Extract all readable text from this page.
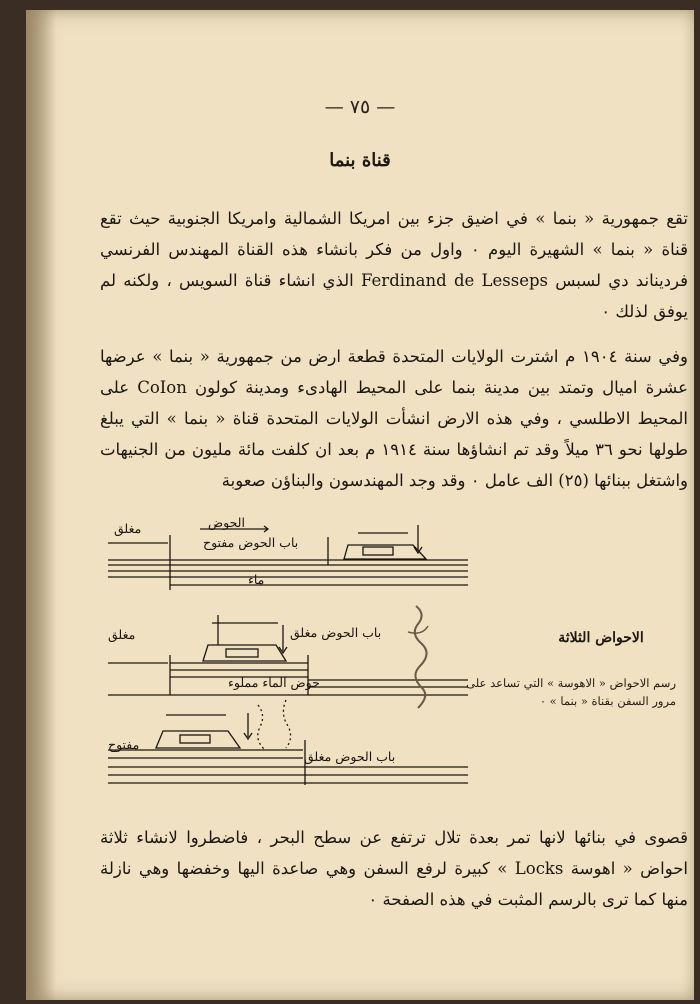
— ٧٥ —
قناة بنما
تقع جمهورية « بنما » في اضيق جزء بين امريكا الشمالية وامريكا الجنوبية حيث تقع قناة « بنما » الشهيرة اليوم ٠ واول من فكر بانشاء هذه القناة المهندس الفرنسي فرديناند دي لسبس Ferdinand de Lesseps الذي انشاء قناة السويس ، ولكنه لم يوفق لذلك ٠
وفي سنة ١٩٠٤ م اشترت الولايات المتحدة قطعة ارض من جمهورية « بنما » عرضها عشرة اميال وتمتد بين مدينة بنما على المحيط الهادىء ومدينة كولون CoIon على المحيط الاطلسي ، وفي هذه الارض انشأت الولايات المتحدة قناة « بنما » التي يبلغ طولها نحو ٣٦ ميلاً وقد تم انشاؤها سنة ١٩١٤ م بعد ان كلفت مائة مليون من الجنيهات واشتغل ببنائها (٢٥) الف عامل ٠ وقد وجد المهندسون والبناؤن صعوبة
مغلق	الحوض
باب الحوض مفتوح
ماء
مغلق	باب الحوض مغلق
حوض الماء مملوء
مفتوح
باب الحوض مغلق
الاحواض الثلاثة
رسم الاحواض « الاهوسة » التي تساعد على مرور السفن بقناة « بنما » ٠
قصوى في بنائها لانها تمر بعدة تلال ترتفع عن سطح البحر ، فاضطروا لانشاء ثلاثة احواض « اهوسة Locks » كبيرة لرفع السفن وهي صاعدة اليها وخفضها وهي نازلة منها كما ترى بالرسم المثبت في هذه الصفحة ٠
